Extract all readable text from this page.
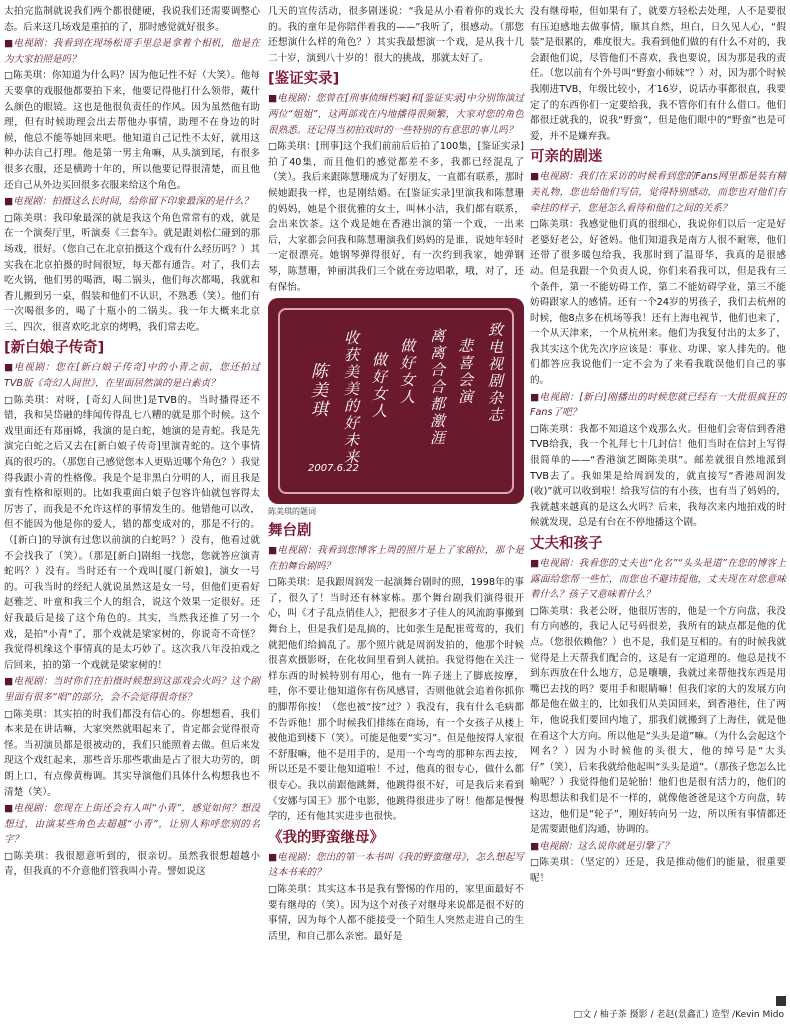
太拍完监制就说我们两个都很健硬，我说我们还需要调整心态。后来这几场戏是重拍的了，那时感觉就好很多。

■电视剧：我看到在现场松哥手里总是拿着个相机，他是在为大家拍照是吗？

□陈美琪：你知道为什么吗？因为他记性不好（大笑）。他每天要拿的戏服他都要拍下来，他要记得他打什么领带，戴什么颜色的眼镜。这也是他很负责任的作风。因为虽然他有助理，但有时候助理会出去帮他办事情，助理不在身边的时候，他总不能等她回来吧。他知道自己记性不太好，就用这种办法自己打理。他是第一男主角嘛，从头演到尾，有很多很多衣服，还是横跨十年的，所以他要记得很清楚，而且他还自己从外边买回很多衣服来给这个角色。

■电视剧：拍摄这么长时间，给你留下印象最深的是什么？

□陈美琪：我印象最深的就是我这个角色常常有的戏，就是在一个演奏厅里，听演奏《三套车》。就是跟刘松仁碰到的那场戏，很好。（您自己在北京拍摄这个戏有什么经历吗？）其实我在北京拍摄的时间很短，每天都有通告。对了，我们去吃火锅，他们男的喝酒，喝二锅头，他们每次都喝，我就和香儿搬到另一桌，假装和他们不认识，不熟悉（笑）。他们有一次喝很多的，喝了十瓶小的二锅头。我一年大概来北京三、四次，很喜欢吃北京的烤鸭，我们常去吃。

[新白娘子传奇]

■电视剧：您在[新白娘子传奇]中的小青之前，您还拍过TVB版《奇幻人间世》，在里面居然演的是白素贞？

□陈美琪：对呀，[奇幻人间世]是TVB的。当时播得还不错，我和吴岱融的绯闻传得乱七八糟的就是那个时候。这个戏里面还有郑丽嫦，我演的是白蛇，她演的是青蛇。我是先演完白蛇之后又去在[新白娘子传奇]里演青蛇的。这个事情真的很巧的。（那您自己感觉您本人更贴近哪个角色？）我觉得我跟小青的性格像。我是个是非黑白分明的人，而且我是蛮有性格和原则的。比如我重面白娘子包容许仙就包容得太厉害了，而我是不允许这样的事情发生的。他错他可以改，但不能因为他是你的爱人，错的都变成对的，那是不行的。（[新白]的导演有过您以前演的白蛇吗？）没有，他看过就不会找我了（笑）。（那是[新白]剧组一找您，您就答应演青蛇吗？）没有。当时还有一个戏叫[厦门新娘]，演女一号的。可我当时的经纪人就说虽然这是女一号，但他们更看好赵雅芝、叶童和我三个人的组合，说这个效果一定很好。还好我最后是接了这个角色的。其实，当然我还推了另一个戏，是拍"小青"了，那个戏就是梁家树的，你说奇不奇怪？我觉得机缘这个事情真的是太巧妙了。这次我八年没拍戏之后回来，拍的第一个戏就是梁家树的！

■电视剧：当时你们在拍摄时候想到这部戏会火吗？这个剧里面有很多“唱”的部分，会不会觉得很奇怪？

□陈美琪：其实拍的时我们都没有信心的。你想想看，我们本来是在讲话嘛，大家突然就唱起来了，肯定都会觉得很奇怪。当初演员都是很被动的，我们只能照着去做。但后来发现这个戏红起来，那些音乐那些歌曲是占了很大功劳的，朗朗上口，有点像黄梅调。其实导演他们具体什么构想我也不清楚（笑）。

■电视剧：您现在上街还会有人叫“小青”，感觉如何？想没想过，由演某些角色去超越“小青”，让别人称呼您别的名字？

□陈美琪：我很愿意听到的，很亲切。虽然我很想超越小青，但我真的不介意他们管我叫小青。譬如说这

几天的宣传活动，很多剧迷说：“我是从小看着你的戏长大的。我的童年是你陪伴着我的——”我听了，很感动。（那您还想演什么样的角色？）其实我最想演一个戏，是从我十几二十岁，演到八十岁的！很大的挑战，那就太好了。

[鉴证实录]

■电视剧：您曾在[刑事侦缉档案]和[鉴证实录]中分别饰演过两位“姐姐”，这两部戏在内地播得很频繁，大家对您的角色很熟悉。还记得当初拍戏时的一些特别的有意思的事儿吗？

□陈美琪：[刑事]这个我们前前后后拍了100集，[鉴证实录]拍了40集，而且他们的感觉都差不多，我都已经混乱了（笑）。我后来跟陈慧珊成为了好朋友，一直都有联系，那时候她跟我一样，也是刚结婚。在[鉴证实录]里演我和陈慧珊的妈妈，她是个很优雅的女士，叫林小洁，我们都有联系，会出来饮茶。这个戏是她在香港出演的第一个戏，一出来后，大家都会问我和陈慧珊演我们妈妈的是谁，说她年轻时一定很漂亮。她钢琴弹得很好，有一次约到我家，她弹钢琴，陈慧珊，钟丽淇我们三个就在旁边唱歌，哦，对了，还有保怡。

致电视剧杂志
悲喜会演
离离合合都激涯
做好女人
做好女人
收获美美的好未来
陈美琪
2007.6.22

陈美琪的题词

舞台剧

■电视剧：我看到您博客上周的照片是上了家剧拉，那个是在拍舞台剧吗？

□陈美琪：是我跟周润发一起演舞台剧时的照，1998年的事了，很久了！当时还有林家栋。那个舞台剧我们演得很开心，叫《才子乱点俏佳人》，把很多才子佳人的风流韵事搬到舞台上，但是我们是乱搞的，比如张生是配崔莺莺的，我们就把他们给搞乱了。那个照片就是周润发拍的，他那个时候很喜欢摄影呀，在化妆间里看到人就拍。我觉得他在关注一样东西的时候特别有用心，他有一阵子迷上了脚底按摩，哇，你不要让他知道你有伤风感冒，否则他就会追着你抓你的脚帮你按！（您也被“按”过？）我没有，我有什么毛病都不告诉他！那个时候我们排练在商场，有一个女孩子从楼上被他追到楼下（笑）。可能是他要“实习”。但是他按得人家很不舒服嘛，他不是用手的，是用一个弯弯的那种东西去按，所以还是不要让他知道啦！不过，他真的很专心，做什么都很专心。我以前跟他跳舞，他跳得很不好，可是我后来看到《安娜与国王》那个电影，他跳得很进步了呀！他都是慢慢学的，还有他其实进步也很快。

《我的野蛮继母》

■电视剧：您出的第一本书叫《我的野蛮继母》，怎么想起写这本书来的？

□陈美琪：其实这本书是我有警惕的作用的，家里面最好不要有继母的（笑）。因为这个对孩子对继母来说都是很不好的事情，因为每个人都不能接受一个陌生人突然走进自己的生活里，和自己那么亲密。最好是

没有继母啦，但如果有了，就要方轻松去处理，人不是要很有压迫感地去做事情，顺其自然，坦白，日久见人心，“假装”是很累的，难度很大。我看到他们做的有什么不对的，我会跟他们说，尽管他们不喜欢，我也要说，因为那是我的责任。（您以前有个外号叫“野蛮小师妹”？）对，因为那个时候我刚进TVB，年级比较小，才16岁，说话办事都很直，我要定了的东西你们一定要给我，我不管你们有什么借口。他们都很迁就我的，说我“野蛮”，但是他们眼中的“野蛮”也是可爱，并不是嫌弃我。

可亲的剧迷

■电视剧：我们在采访的时候看到您的Fans网里都是装有精美礼物，您也给他们写信，觉得特别感动，而您也对他们有牵挂的样子，您是怎么看待和他们之间的关系？

□陈美琪：我感觉他们真的很细心，我说你们以后一定是好老婆好老公，好爸妈。他们知道我是南方人很不耐寒，他们还带了很多暖包给我，我那时到了温哥华，我真的是很感动。但是我跟一个负责人说，你们来看我可以，但是我有三个条件，第一不能妨碍工作，第二不能妨碍学业，第三不能妨碍跟家人的感情。还有一个24岁的男孩子，我们去杭州的时候，他8点多在机场等我！还有上海电视节，他们也来了，一个从天津来，一个从杭州来。他们为我复付出的太多了，我其实这个优先次序应该是：事业、功课、家人排先的。他们都答应我说他们一定不会为了来看我耽误他们自己的事的。

■电视剧：[新白]刚播出的时候您就已经有一大批很疯狂的Fans了吧？

□陈美琪：我都不知道这个戏那么火。但他们会寄信到香港TVB给我，我一个礼拜七十几封信！他们当时在信封上写得很简单的——“香港演艺圈陈美琪”。邮差就很自然地派到TVB去了。我如果是给周润发的，就直接写“香港周润发(收)”就可以收到啦！给我写信的有小孩，也有当了妈妈的，我就越来越真的是这么火吗？后来，我每次来内地拍戏的时候就发现，总是有台在不停地播这个剧。

丈夫和孩子

■电视剧：我看您的丈夫也“化名”“头头是道”在您的博客上露面给您帮一些忙，而您也不避讳提他，丈夫现在对您意味着什么？孩子又意味着什么？

□陈美琪：我老公呀，他很厉害的，他是一个方向盘，我没有方向感的，我记人记号码很差，我所有的缺点都是他的优点。（您很依赖他？）也不是，我们是互相的。有的时候我就觉得是上天帮我们配合的，这是有一定道理的。他总是找不到东西放在什么地方，总是嚷嚷，我就过来帮他找东西是用嘴巴去找的吗？要用手和眼睛嘛！但我们家的大的发展方向都是他在做主的，比如我们从美国回来，到香港住，住了两年，他说我们要回内地了，那我们就搬到了上海住，就是他在看这个大方向。所以他是“头头是道”嘛。（为什么会起这个网名？）因为小时候他的头很大，他的绰号是“大头仔”（笑），后来我就给他起叫“头头是道”。（那孩子您怎么比喻呢？）我觉得他们是轮胎！他们也是很有活力的，他们的构思想法和我们是不一样的，就像他爸爸是这个方向盘，转这边，他们是“轮子”，刚好转向另一边，所以所有事情都还是需要跟他们沟通，协调的。

■电视剧：这么说你就是引擎了？

□陈美琪：（坚定的）还是，我是推动他们的能量，很重要呢！

□文 / 柚子茶 摄影 / 老赵(景鑫汇) 造型 /Kevin Mido
